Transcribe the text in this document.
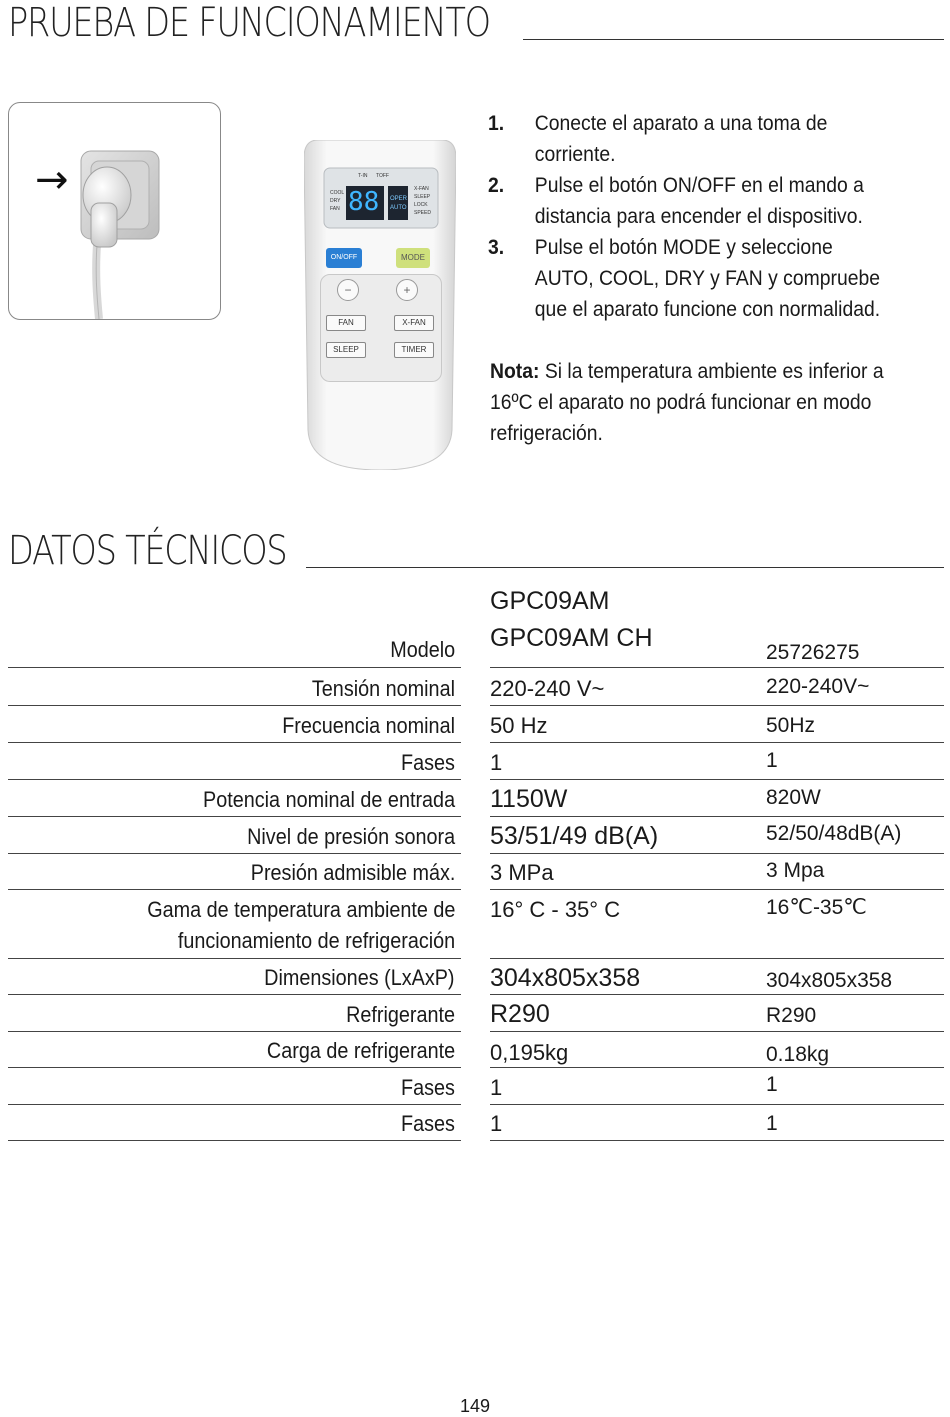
PRUEBA DE FUNCIONAMIENTO
→	T-IN TOFF
COOL
DRY
FAN 88 OPER
AUTO
X-FAN
SLEEP
LOCK
SPEED
ON/OFF	MODE
−	+
FAN	X-FAN
SLEEP	TIMER
1.	Conecte el aparato a una toma de corriente.
2.	Pulse el botón ON/OFF en el mando a distancia para encender el dispositivo.
3.	Pulse el botón MODE y seleccione AUTO, COOL, DRY y FAN y compruebe que el aparato funcione con normalidad.
Nota: Si la temperatura ambiente es inferior a 16ºC el aparato no podrá funcionar en modo refrigeración.
DATOS TÉCNICOS
GPC09AM
GPC09AM CH
Modelo	25726275
Tensión nominal 220-240 V~	220-240V~
Frecuencia nominal 50 Hz	50Hz
Fases 1	1
Potencia nominal de entrada 1150W	820W
Nivel de presión sonora 53/51/49 dB(A)	52/50/48dB(A)
Presión admisible máx. 3 MPa	3 Mpa
Gama de temperatura ambiente de
funcionamiento de refrigeración
16° C - 35° C	16℃-35℃
Dimensiones (LxAxP) 304x805x358	304x805x358
Refrigerante R290	R290
Carga de refrigerante 0,195kg	0.18kg
Fases 1	1
Fases 1	1
149
